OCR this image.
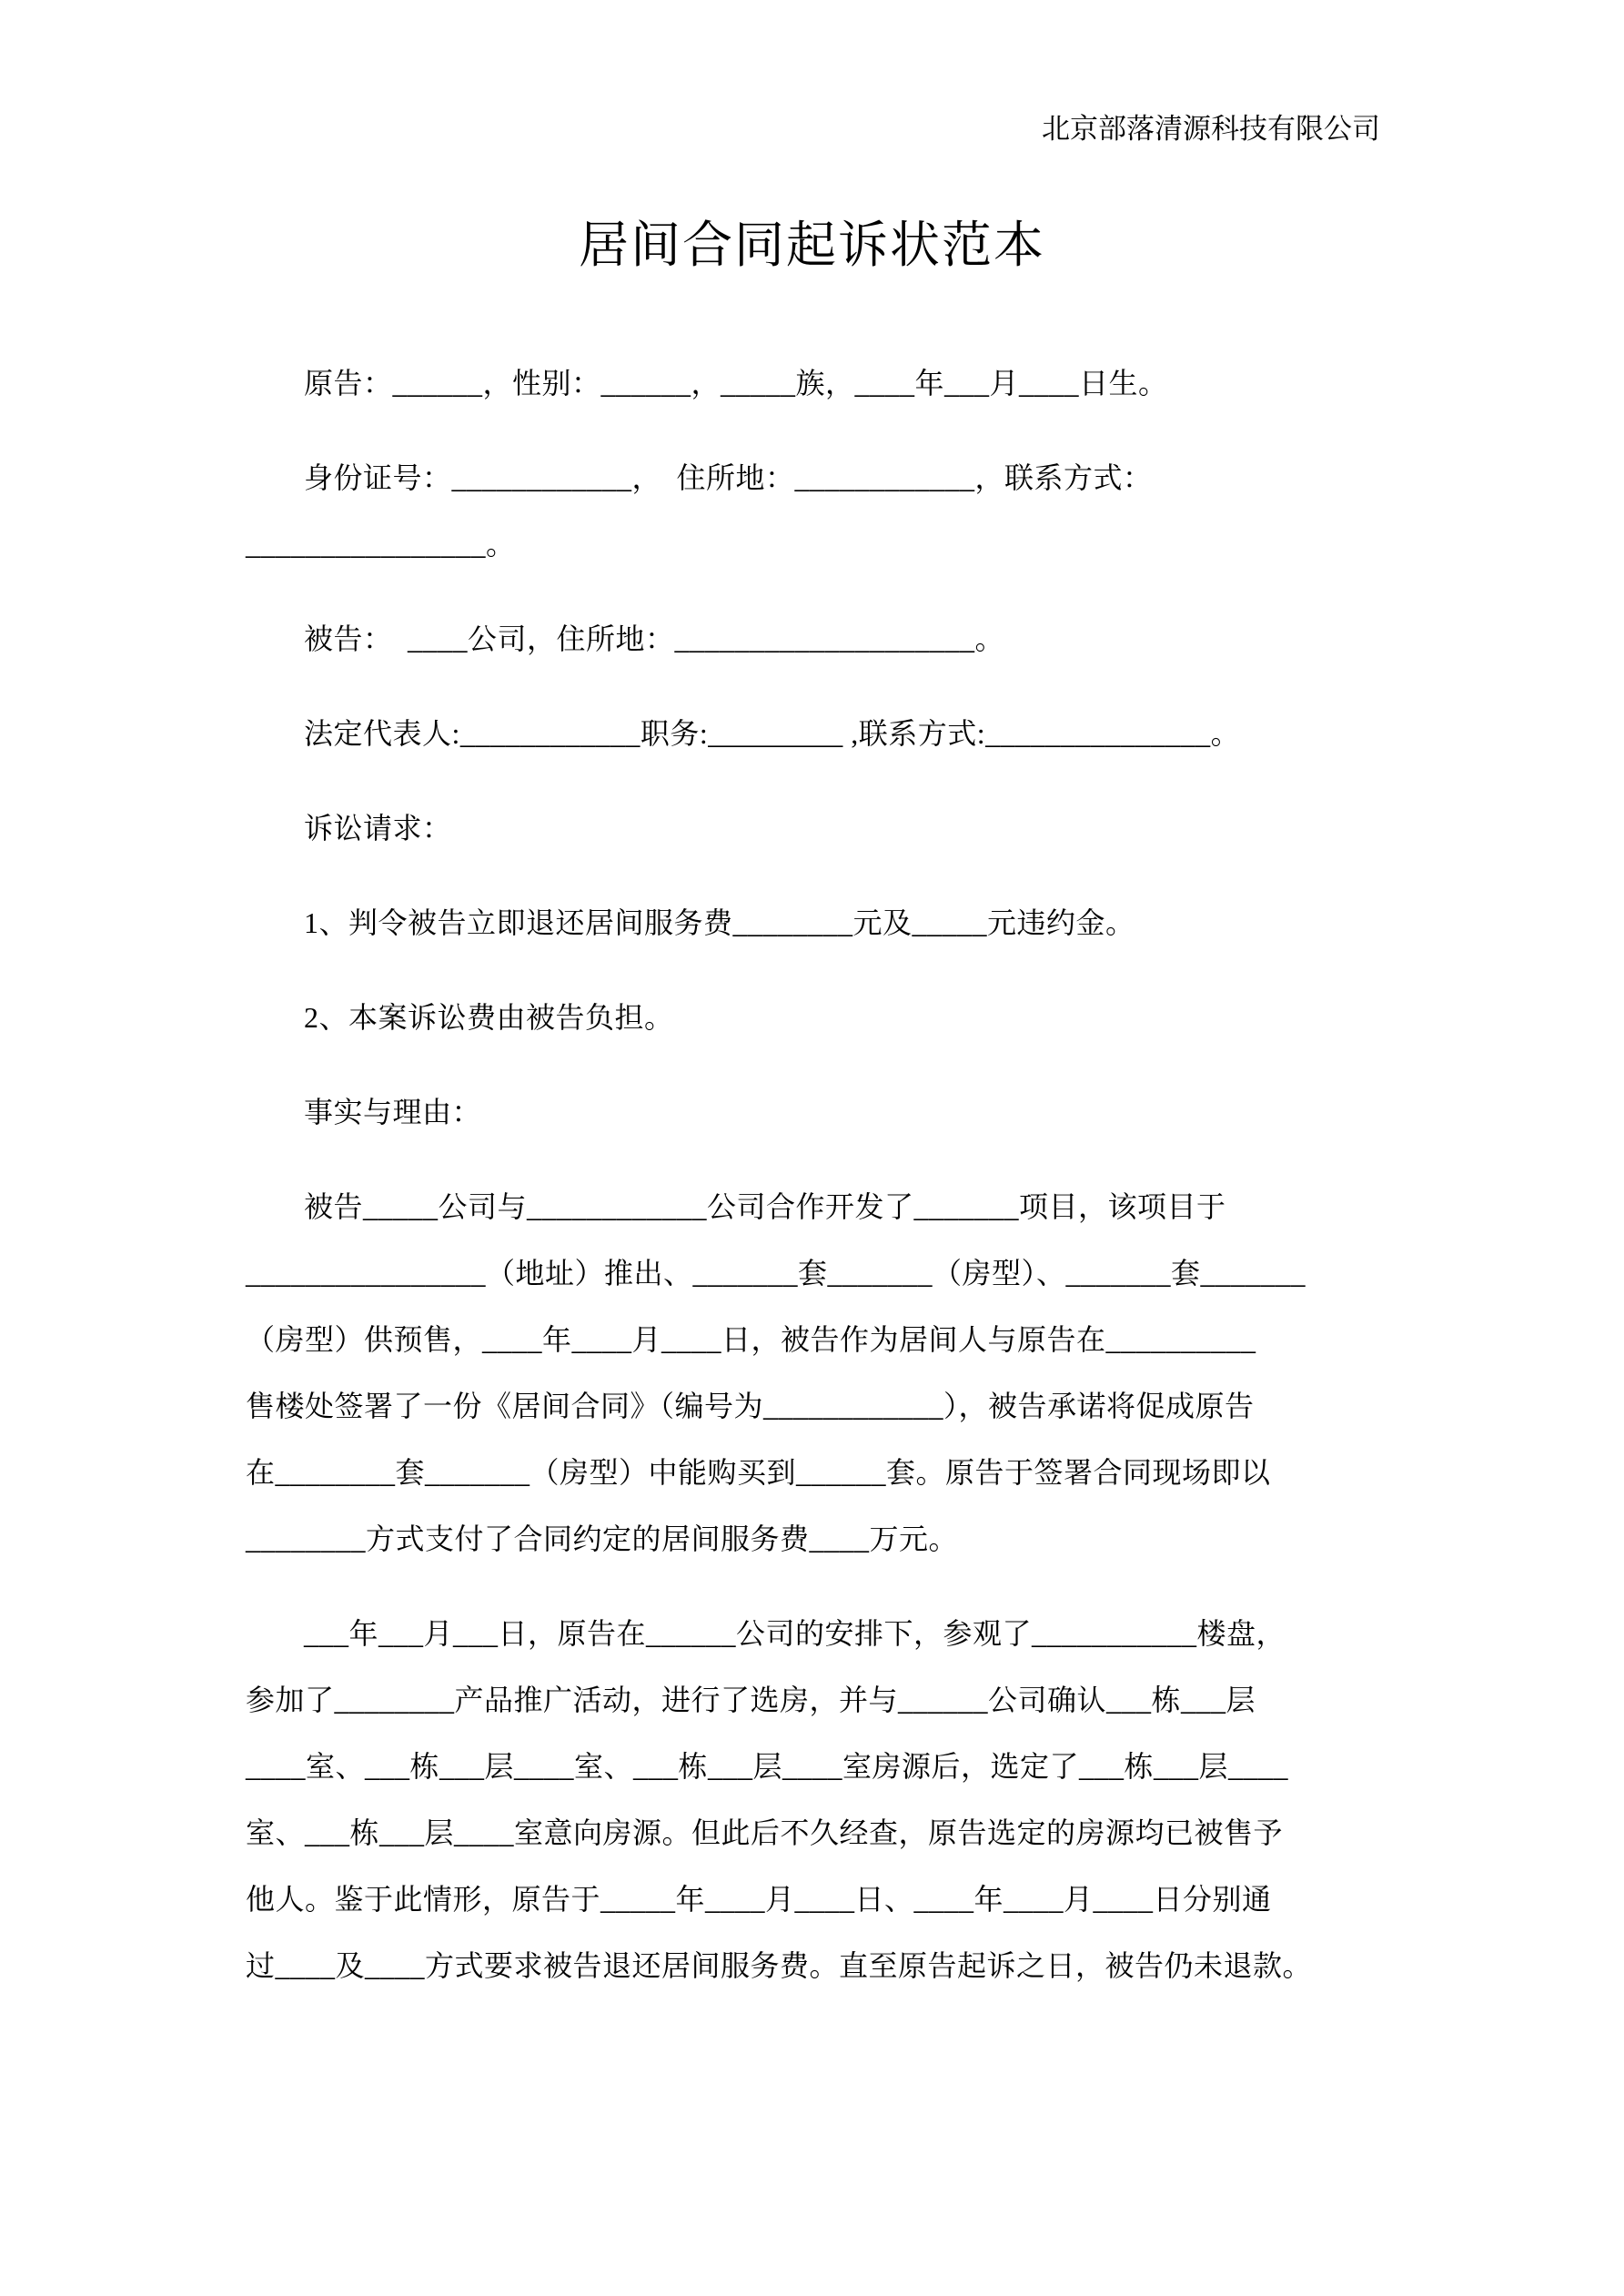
北京部落清源科技有限公司
居间合同起诉状范本
原告：______，性别：______，_____族，____年___月____日生。
身份证号：____________，　住所地：____________，联系方式：
________________。
被告：　____公司，住所地：____________________。
法定代表人:____________职务:_________ ,联系方式:_______________。
诉讼请求：
1、判令被告立即退还居间服务费________元及_____元违约金。
2、本案诉讼费由被告负担。
事实与理由：
被告_____公司与____________公司合作开发了_______项目，该项目于
________________（地址）推出、_______套_______（房型）、_______套_______
（房型）供预售，____年____月____日，被告作为居间人与原告在__________
售楼处签署了一份《居间合同》（编号为____________），被告承诺将促成原告
在________套_______（房型）中能购买到______套。原告于签署合同现场即以
________方式支付了合同约定的居间服务费____万元。
___年___月___日，原告在______公司的安排下，参观了___________楼盘，
参加了________产品推广活动，进行了选房，并与______公司确认___栋___层
____室、___栋___层____室、___栋___层____室房源后，选定了___栋___层____
室、___栋___层____室意向房源。但此后不久经查，原告选定的房源均已被售予
他人。鉴于此情形，原告于_____年____月____日、____年____月____日分别通
过____及____方式要求被告退还居间服务费。直至原告起诉之日，被告仍未退款。
